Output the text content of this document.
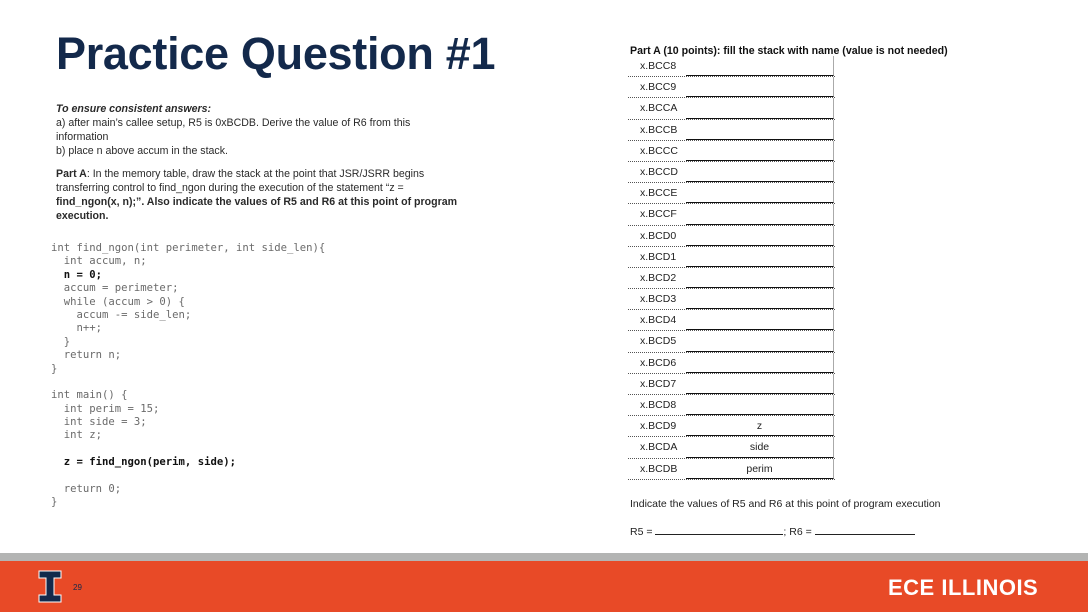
Practice Question #1

To ensure consistent answers:

a) after main’s callee setup, R5 is 0xBCDB. Derive the value of R6 from this

information

b) place n above accum in the stack.

Part A: In the memory table, draw the stack at the point that JSR/JSRR begins

transferring control to find_ngon during the execution of the statement “z =

find_ngon(x, n);”. Also indicate the values of R5 and R6 at this point of program

execution.

int find_ngon(int perimeter, int side_len){
int accum, n;
n = 0;
accum = perimeter;
while (accum > 0) {
accum -= side_len;
n++;
}
return n;
}
int main() {
int perim = 15;
int side = 3;
int z;
z = find_ngon(perim, side);
return 0;
}
Part A (10 points): fill the stack with name (value is not needed)
x.BCC8
x.BCC9
x.BCCA
x.BCCB
x.BCCC
x.BCCD
x.BCCE
x.BCCF
x.BCD0
x.BCD1
x.BCD2
x.BCD3
x.BCD4
x.BCD5
x.BCD6
x.BCD7
x.BCD8
x.BCD9	z
x.BCDA	side
x.BCDB	perim
Indicate the values of R5 and R6 at this point of program execution
R5 =	; R6 =
29	ECE ILLINOIS
